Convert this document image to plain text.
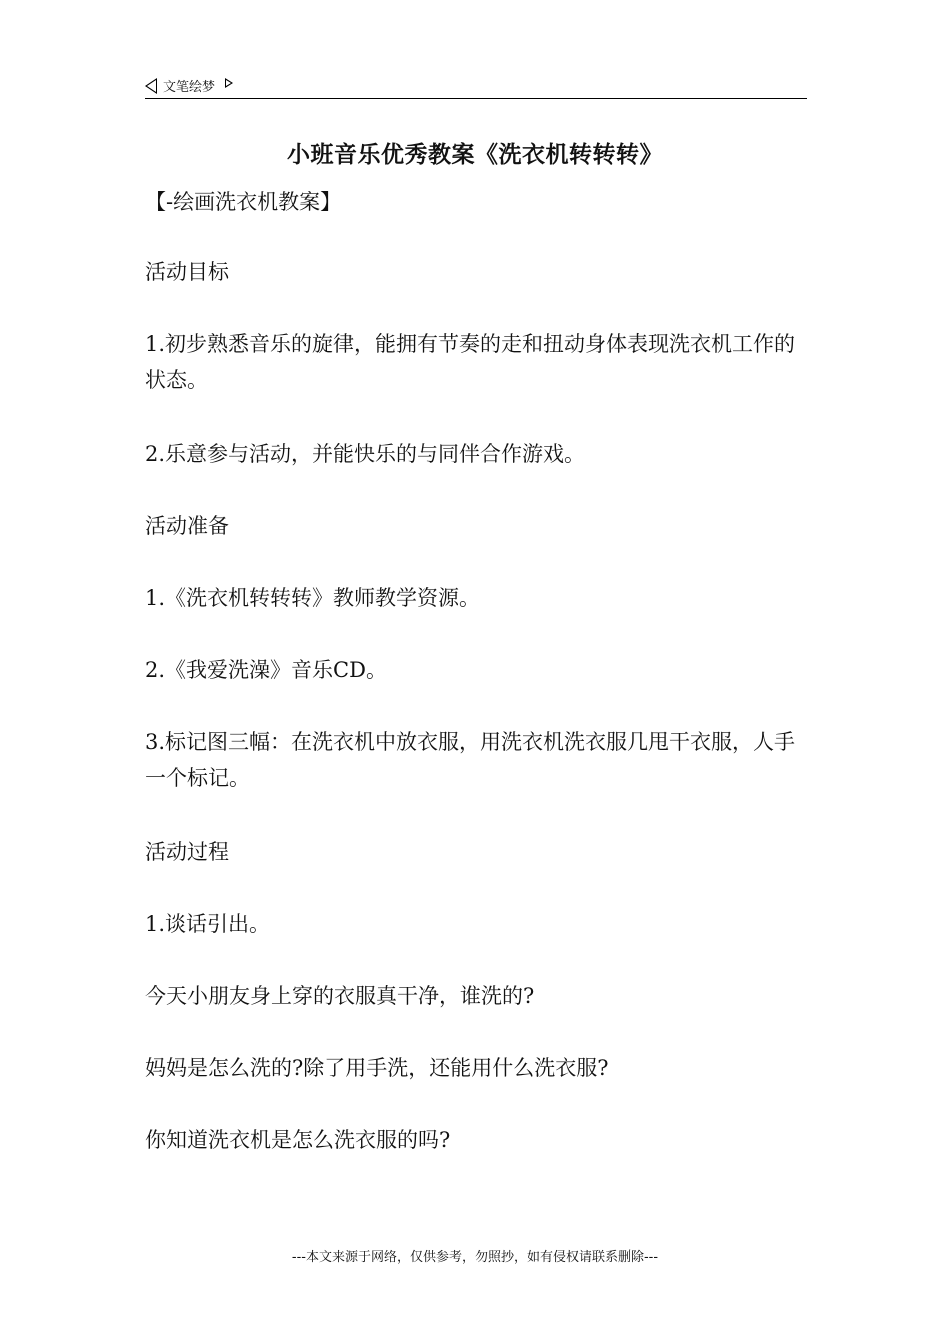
文笔绘梦
小班音乐优秀教案《洗衣机转转转》

【-绘画洗衣机教案】

活动目标

1.初步熟悉音乐的旋律，能拥有节奏的走和扭动身体表现洗衣机工作的状态。

2.乐意参与活动，并能快乐的与同伴合作游戏。

活动准备

1.《洗衣机转转转》教师教学资源。

2.《我爱洗澡》音乐CD。

3.标记图三幅：在洗衣机中放衣服，用洗衣机洗衣服几甩干衣服，人手一个标记。

活动过程

1.谈话引出。

今天小朋友身上穿的衣服真干净，谁洗的?

妈妈是怎么洗的?除了用手洗，还能用什么洗衣服?

你知道洗衣机是怎么洗衣服的吗?

---本文来源于网络，仅供参考，勿照抄，如有侵权请联系删除---
